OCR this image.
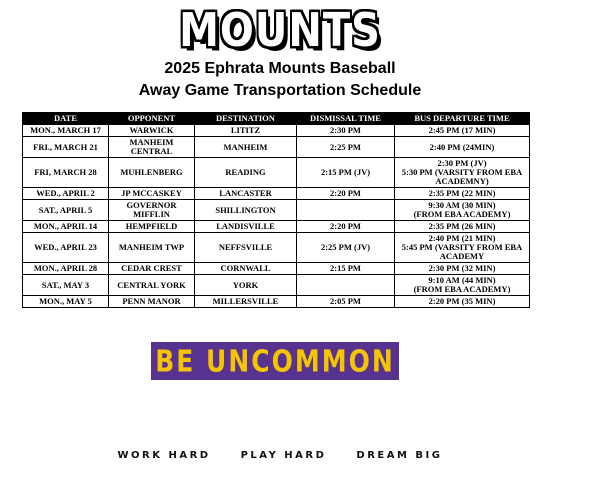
MOUNTS
2025 Ephrata Mounts Baseball
Away Game Transportation Schedule
DATE	OPPONENT	DESTINATION	DISMISSAL TIME	BUS DEPARTURE TIME
MON., MARCH 17	WARWICK	LITITZ	2:30 PM	2:45 PM (17 MIN)

FRI., MARCH 21	MANHEIM CENTRAL	MANHEIM	2:25 PM	2:40 PM (24MIN)

FRI, MARCH 28	MUHLENBERG	READING	2:15 PM (JV)	2:30 PM (JV)
5:30 PM (VARSITY FROM EBA ACADEMNY)

WED., APRIL 2	JP MCCASKEY	LANCASTER	2:20 PM	2:35 PM (22 MIN)

SAT., APRIL 5	GOVERNOR MIFFLIN	SHILLINGTON		9:30 AM (30 MIN)
(FROM EBA ACADEMY)

MON., APRIL 14	HEMPFIELD	LANDISVILLE	2:20 PM	2:35 PM (26 MIN)

WED., APRIL 23	MANHEIM TWP	NEFFSVILLE	2:25 PM (JV)	2:40 PM (21 MIN)
5:45 PM (VARSITY FROM EBA ACADEMY

MON., APRIL 28	CEDAR CREST	CORNWALL	2:15 PM	2:30 PM (32 MIN)

SAT., MAY 3	CENTRAL YORK	YORK		9:10 AM (44 MIN)
(FROM EBA ACADEMY)

MON., MAY 5	PENN MANOR	MILLERSVILLE	2:05 PM	2:20 PM (35 MIN)
BE UNCOMMON
WORK HARD	PLAY HARD	DREAM BIG
